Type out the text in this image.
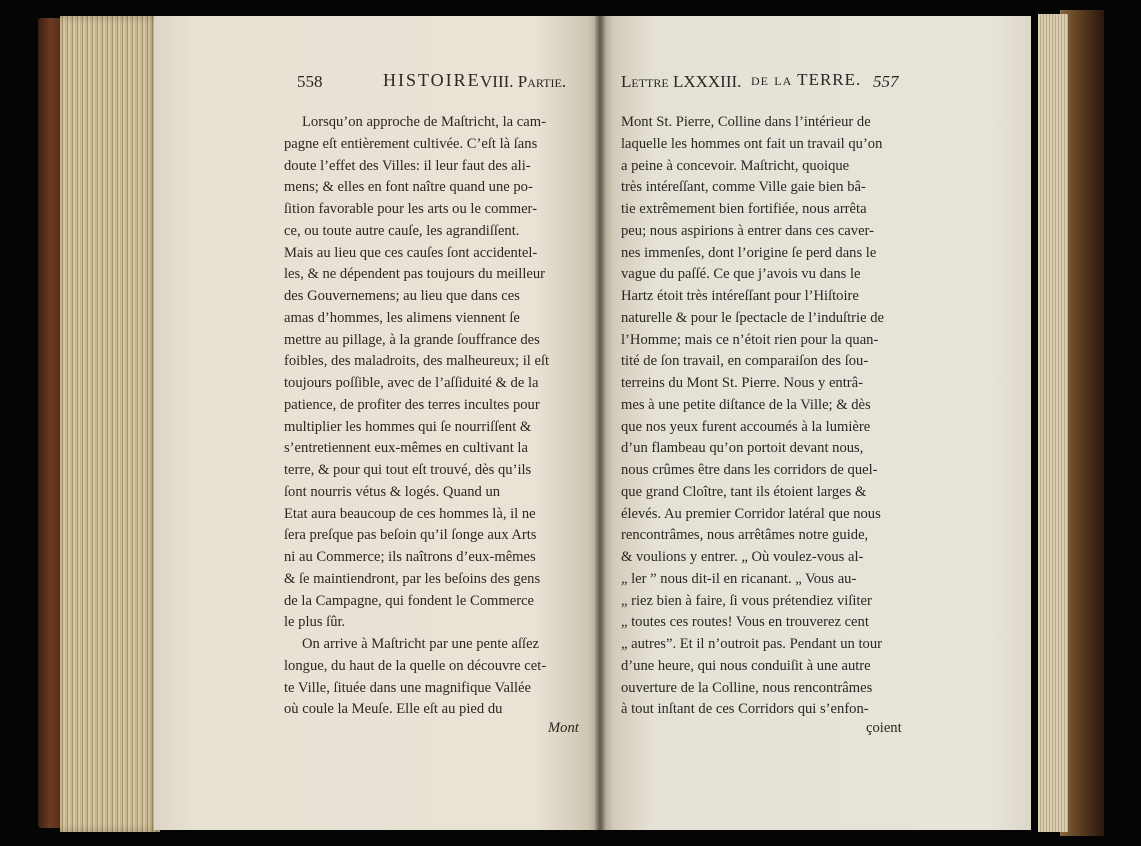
558	HISTOIRE VIII. Partie.	Lettre LXXXIII. de la TERRE. 557
Lorsqu’on approche de Maſtricht, la cam-
pagne eſt entièrement cultivée. C’eſt là ſans
doute l’effet des Villes: il leur faut des ali-
mens; & elles en font naître quand une po-
ſition favorable pour les arts ou le commer-
ce, ou toute autre cauſe, les agrandiſſent.
Mais au lieu que ces cauſes ſont accidentel-
les, & ne dépendent pas toujours du meilleur
des Gouvernemens; au lieu que dans ces
amas d’hommes, les alimens viennent ſe
mettre au pillage, à la grande ſouffrance des
foibles, des maladroits, des malheureux; il eſt
toujours poſſible, avec de l’aſſiduité & de la
patience, de profiter des terres incultes pour
multiplier les hommes qui ſe nourriſſent &
s’entretiennent eux-mêmes en cultivant la
terre, & pour qui tout eſt trouvé, dès qu’ils
ſont nourris vétus & logés. Quand un
Etat aura beaucoup de ces hommes là, il ne
ſera preſque pas beſoin qu’il ſonge aux Arts
ni au Commerce; ils naîtrons d’eux-mêmes
& ſe maintiendront, par les beſoins des gens
de la Campagne, qui fondent le Commerce
le plus ſûr.
On arrive à Maſtricht par une pente aſſez
longue, du haut de la quelle on découvre cet-
te Ville, ſituée dans une magnifique Vallée
où coule la Meuſe. Elle eſt au pied du
Mont
Mont St. Pierre, Colline dans l’intérieur de
laquelle les hommes ont fait un travail qu’on
a peine à concevoir. Maſtricht, quoique
très intéreſſant, comme Ville gaie bien bâ-
tie extrêmement bien fortifiée, nous arrêta
peu; nous aspirions à entrer dans ces caver-
nes immenſes, dont l’origine ſe perd dans le
vague du paſſé. Ce que j’avois vu dans le
Hartz étoit très intéreſſant pour l’Hiſtoire
naturelle & pour le ſpectacle de l’induſtrie de
l’Homme; mais ce n’étoit rien pour la quan-
tité de ſon travail, en comparaiſon des ſou-
terreins du Mont St. Pierre. Nous y entrâ-
mes à une petite diſtance de la Ville; & dès
que nos yeux furent accoumés à la lumière
d’un flambeau qu’on portoit devant nous,
nous crûmes être dans les corridors de quel-
que grand Cloître, tant ils étoient larges &
élevés. Au premier Corridor latéral que nous
rencontrâmes, nous arrêtâmes notre guide,
& voulions y entrer. „ Où voulez-vous al-
„ ler ” nous dit-il en ricanant. „ Vous au-
„ riez bien à faire, ſi vous prétendiez viſiter
„ toutes ces routes! Vous en trouverez cent
„ autres”. Et il n’outroit pas. Pendant un tour
d’une heure, qui nous conduiſit à une autre
ouverture de la Colline, nous rencontrâmes
à tout inſtant de ces Corridors qui s’enfon-
çoient
